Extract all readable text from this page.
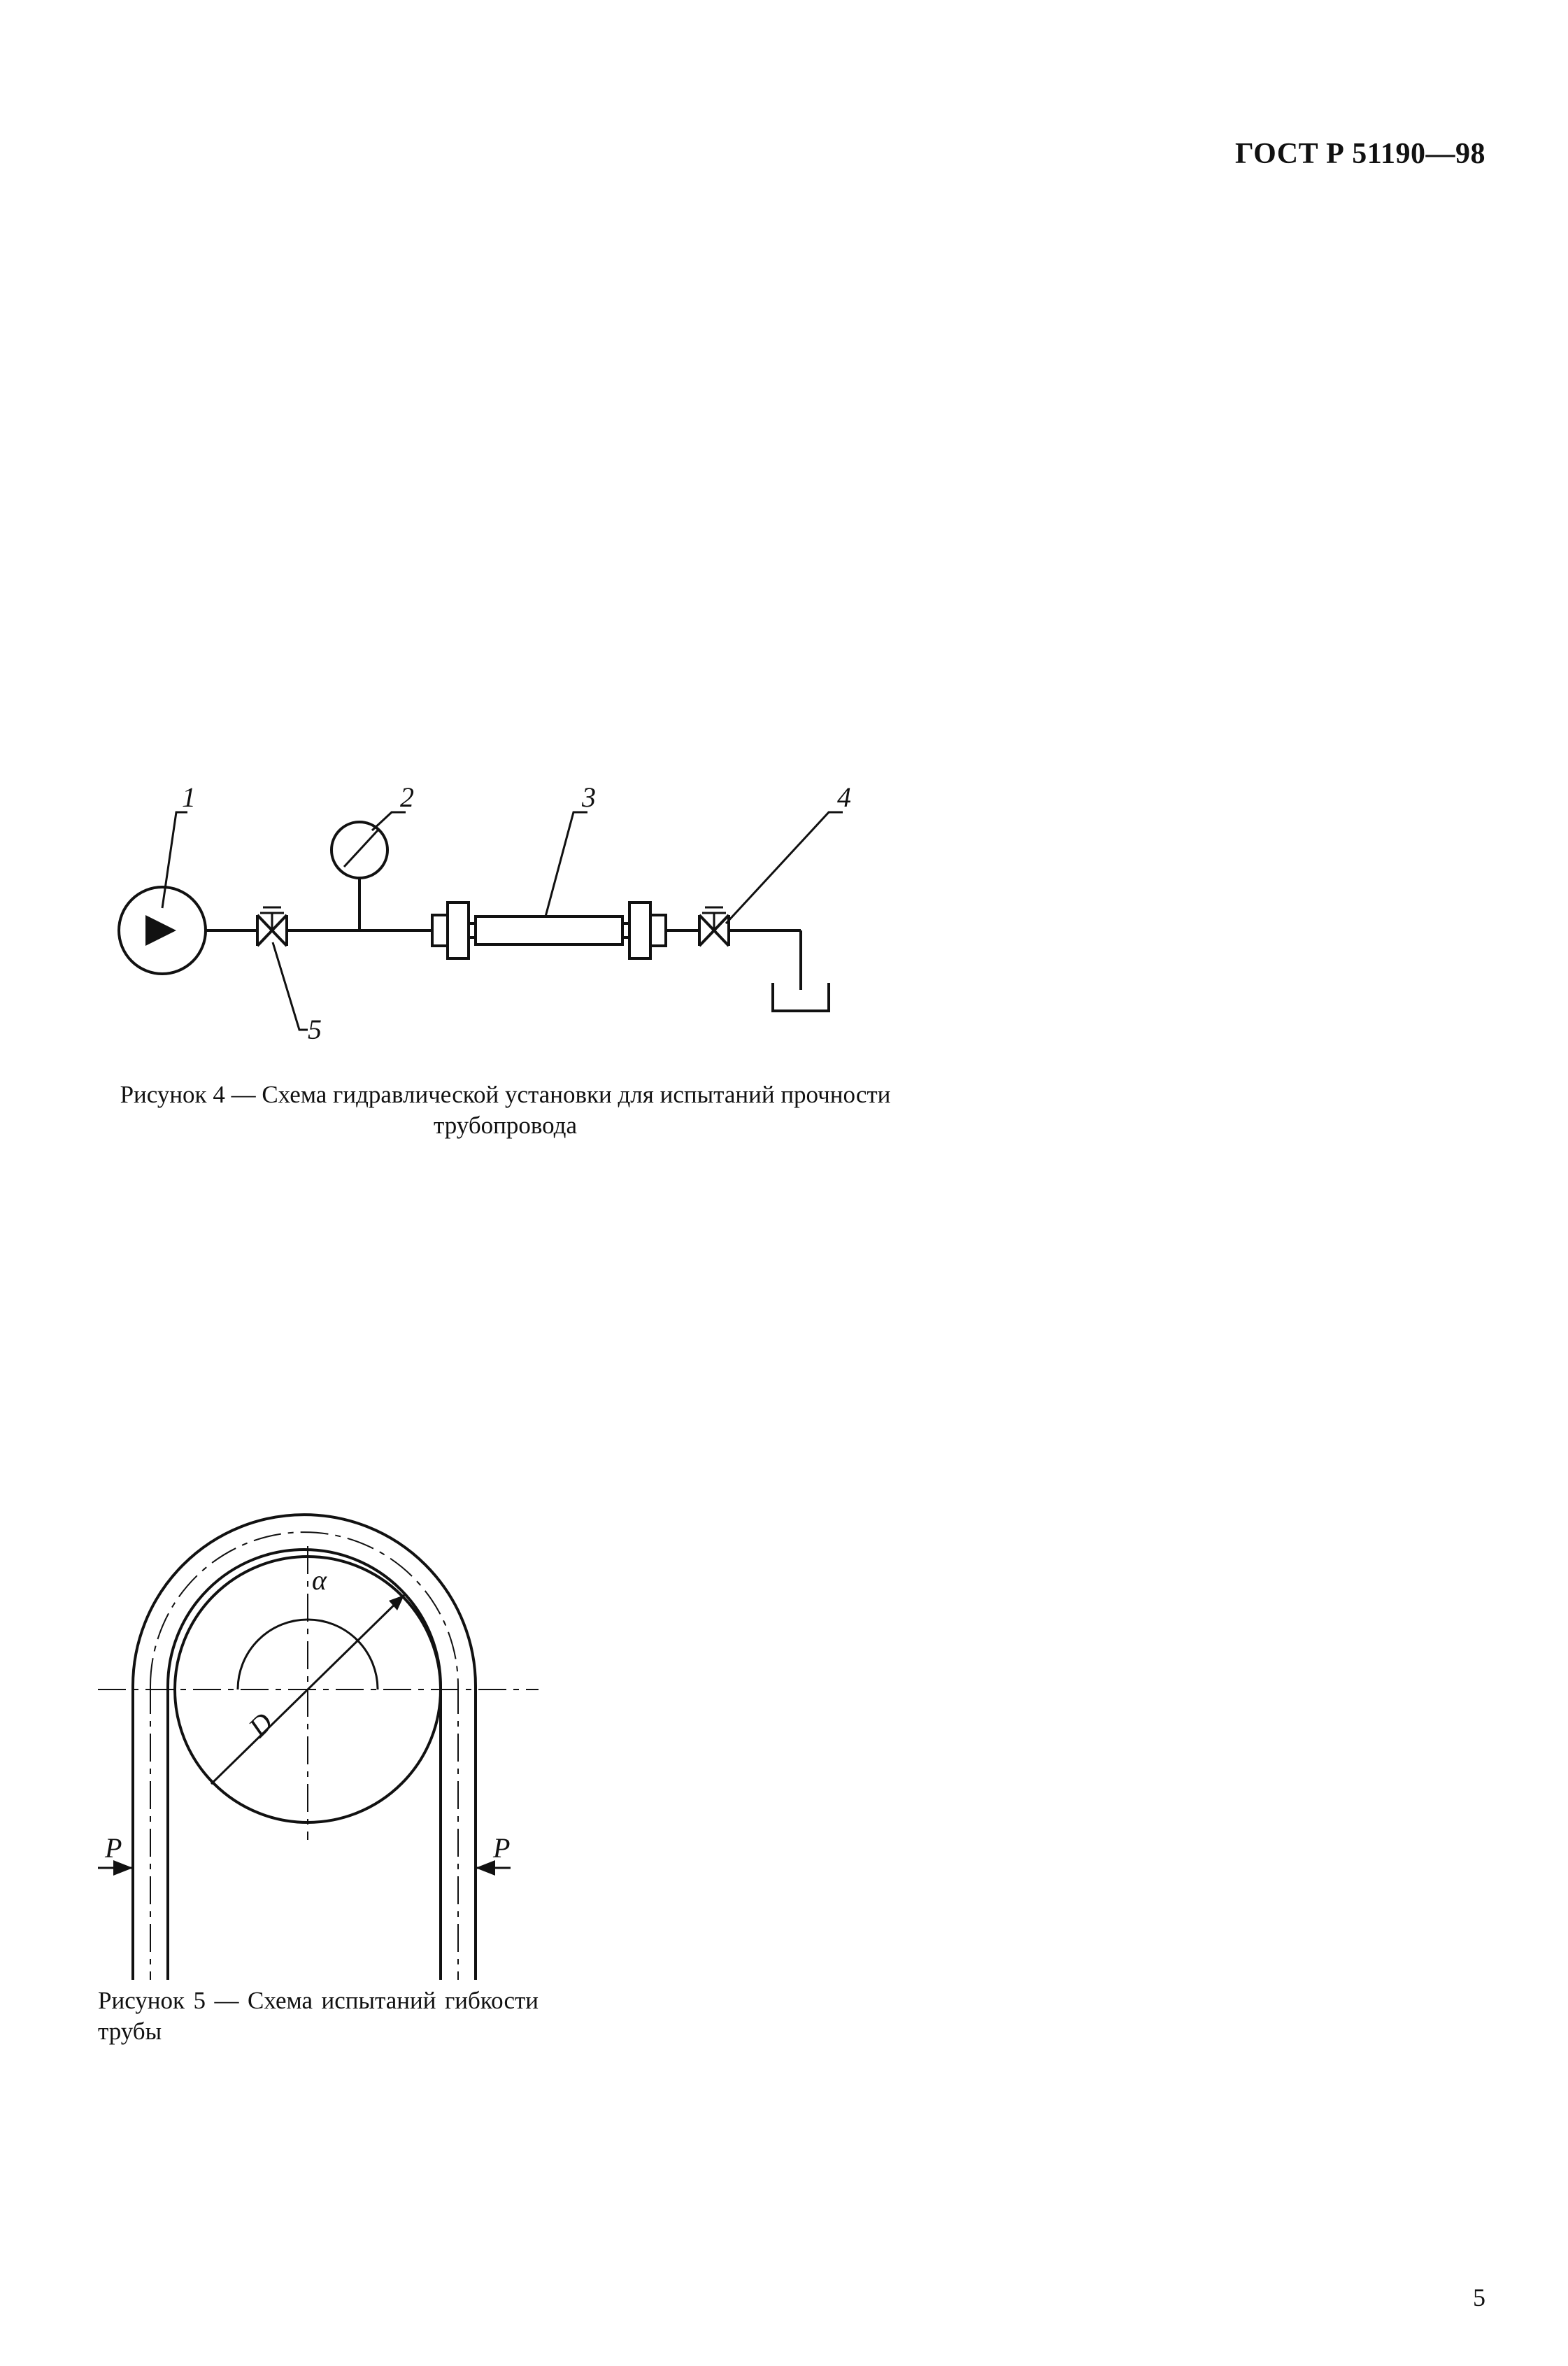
ГОСТ Р 51190—98

1	2	3	4
5

Рисунок 4 — Схема гидравлической установки для испытаний прочности трубопровода

α
D
P	P

Рисунок 5 — Схема испытаний гибкости трубы

5
